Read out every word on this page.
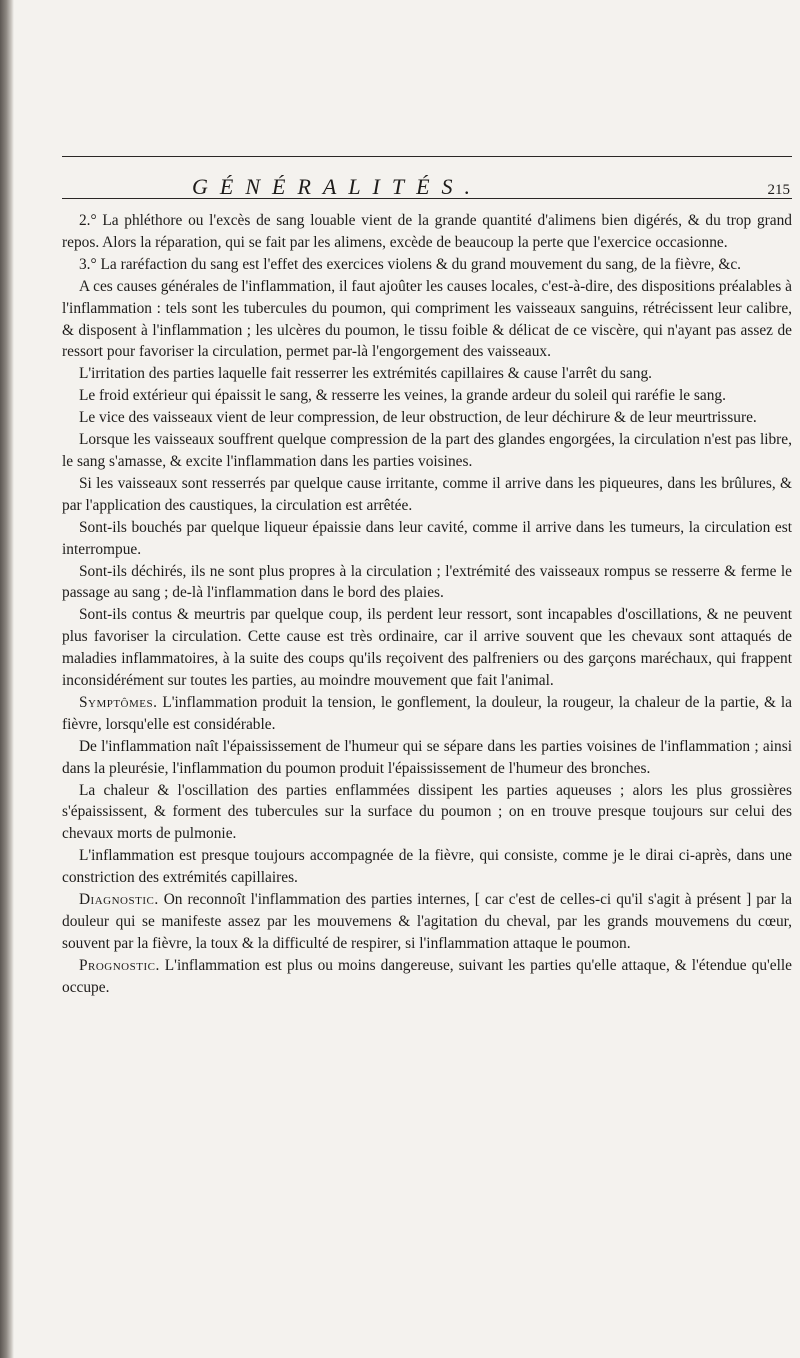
GÉNÉRALITÉS.	215

2.° La phléthore ou l'excès de sang louable vient de la grande quantité d'alimens bien digérés, & du trop grand repos. Alors la réparation, qui se fait par les alimens, excède de beaucoup la perte que l'exercice occasionne.

3.° La raréfaction du sang est l'effet des exercices violens & du grand mouvement du sang, de la fièvre, &c.

A ces causes générales de l'inflammation, il faut ajoûter les causes locales, c'est-à-dire, des dispositions préalables à l'inflammation : tels sont les tubercules du poumon, qui compriment les vaisseaux sanguins, rétrécissent leur calibre, & disposent à l'inflammation ; les ulcères du poumon, le tissu foible & délicat de ce viscère, qui n'ayant pas assez de ressort pour favoriser la circulation, permet par-là l'engorgement des vaisseaux.

L'irritation des parties laquelle fait resserrer les extrémités capillaires & cause l'arrêt du sang.

Le froid extérieur qui épaissit le sang, & resserre les veines, la grande ardeur du soleil qui raréfie le sang.

Le vice des vaisseaux vient de leur compression, de leur obstruction, de leur déchirure & de leur meurtrissure.

Lorsque les vaisseaux souffrent quelque compression de la part des glandes engorgées, la circulation n'est pas libre, le sang s'amasse, & excite l'inflammation dans les parties voisines.

Si les vaisseaux sont resserrés par quelque cause irritante, comme il arrive dans les piqueures, dans les brûlures, & par l'application des caustiques, la circulation est arrêtée.

Sont-ils bouchés par quelque liqueur épaissie dans leur cavité, comme il arrive dans les tumeurs, la circulation est interrompue.

Sont-ils déchirés, ils ne sont plus propres à la circulation ; l'extrémité des vaisseaux rompus se resserre & ferme le passage au sang ; de-là l'inflammation dans le bord des plaies.

Sont-ils contus & meurtris par quelque coup, ils perdent leur ressort, sont incapables d'oscillations, & ne peuvent plus favoriser la circulation. Cette cause est très ordinaire, car il arrive souvent que les chevaux sont attaqués de maladies inflammatoires, à la suite des coups qu'ils reçoivent des palfreniers ou des garçons maréchaux, qui frappent inconsidérément sur toutes les parties, au moindre mouvement que fait l'animal.

Symptômes. L'inflammation produit la tension, le gonflement, la douleur, la rougeur, la chaleur de la partie, & la fièvre, lorsqu'elle est considérable.

De l'inflammation naît l'épaississement de l'humeur qui se sépare dans les parties voisines de l'inflammation ; ainsi dans la pleurésie, l'inflammation du poumon produit l'épaississement de l'humeur des bronches.

La chaleur & l'oscillation des parties enflammées dissipent les parties aqueuses ; alors les plus grossières s'épaississent, & forment des tubercules sur la surface du poumon ; on en trouve presque toujours sur celui des chevaux morts de pulmonie.

L'inflammation est presque toujours accompagnée de la fièvre, qui consiste, comme je le dirai ci-après, dans une constriction des extrémités capillaires.

Diagnostic. On reconnoît l'inflammation des parties internes, [ car c'est de celles-ci qu'il s'agit à présent ] par la douleur qui se manifeste assez par les mouvemens & l'agitation du cheval, par les grands mouvemens du cœur, souvent par la fièvre, la toux & la difficulté de respirer, si l'inflammation attaque le poumon.

Prognostic. L'inflammation est plus ou moins dangereuse, suivant les parties qu'elle attaque, & l'étendue qu'elle occupe.
